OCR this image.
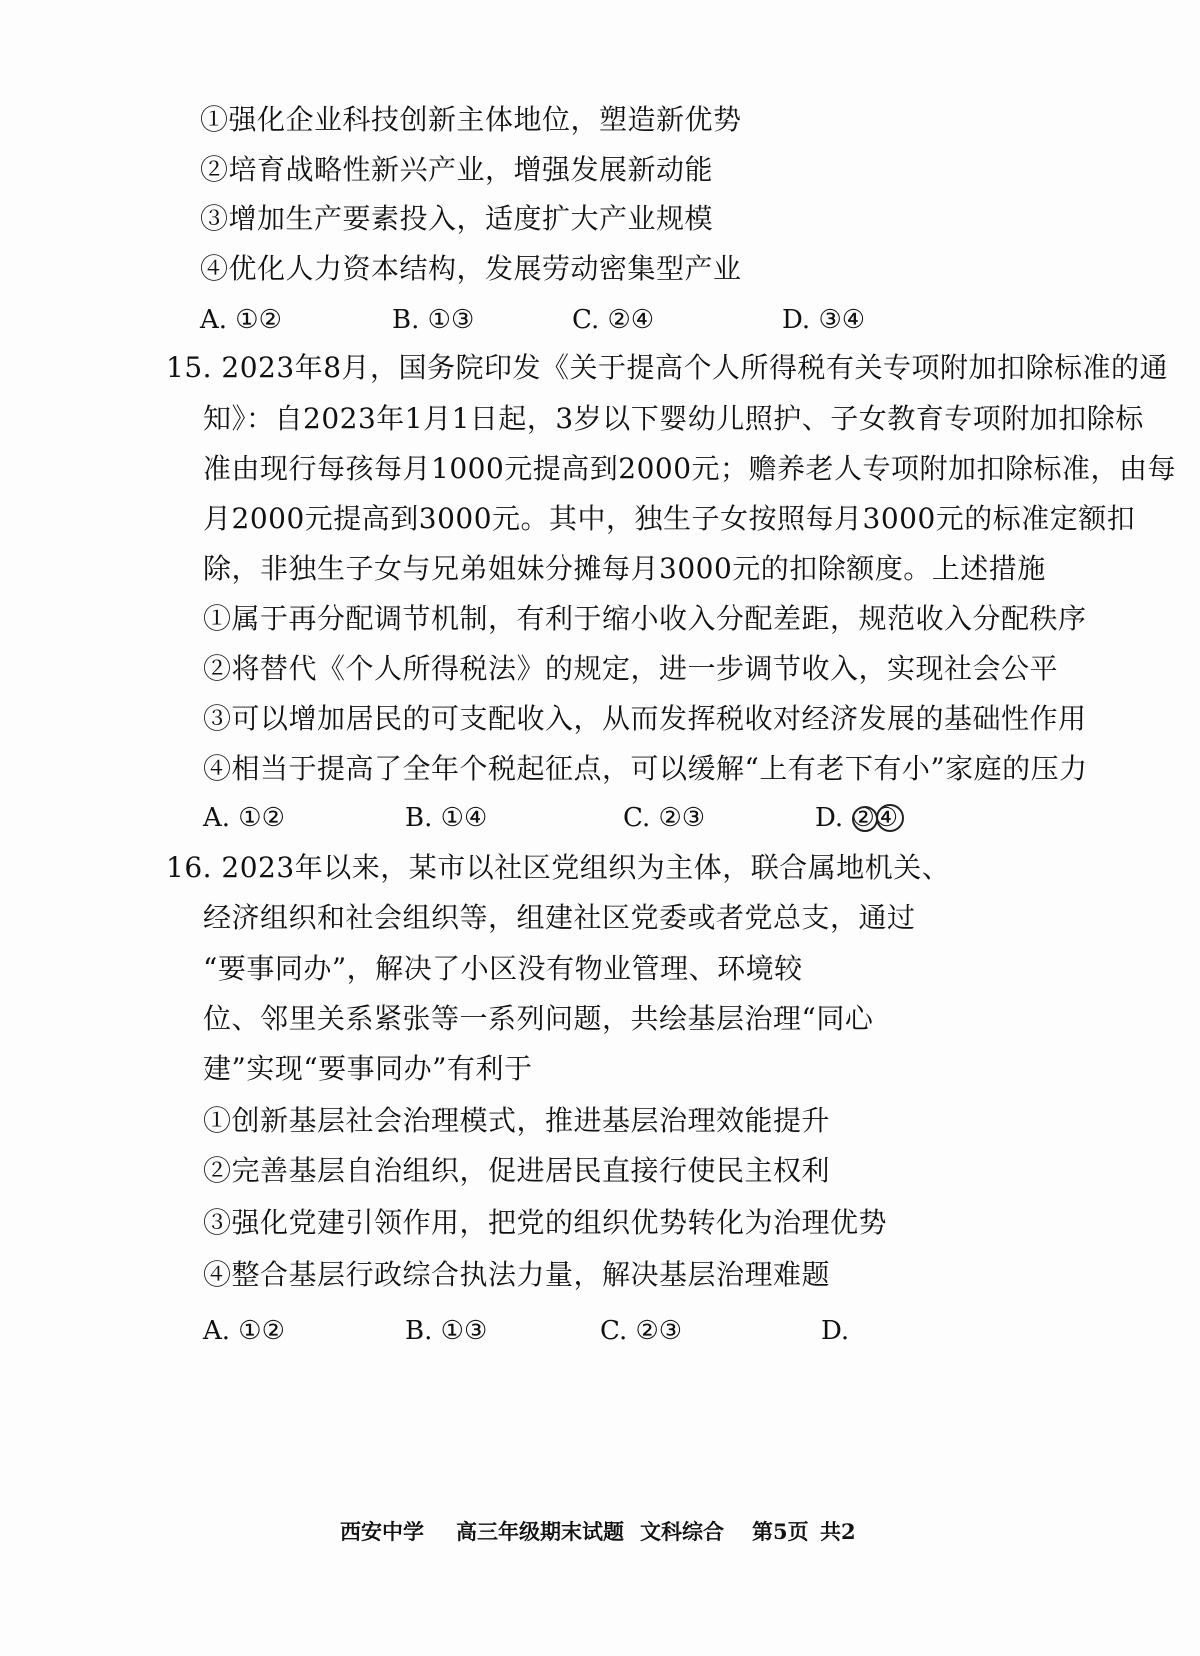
①强化企业科技创新主体地位，塑造新优势
②培育战略性新兴产业，增强发展新动能
③增加生产要素投入，适度扩大产业规模
④优化人力资本结构，发展劳动密集型产业
A. ①②	B. ①③	C. ②④	D. ③④
15. 2023年8月，国务院印发《关于提高个人所得税有关专项附加扣除标准的通
知》：自2023年1月1日起，3岁以下婴幼儿照护、子女教育专项附加扣除标
准由现行每孩每月1000元提高到2000元；赡养老人专项附加扣除标准，由每
月2000元提高到3000元。其中，独生子女按照每月3000元的标准定额扣
除，非独生子女与兄弟姐妹分摊每月3000元的扣除额度。上述措施
①属于再分配调节机制，有利于缩小收入分配差距，规范收入分配秩序
②将替代《个人所得税法》的规定，进一步调节收入，实现社会公平
③可以增加居民的可支配收入，从而发挥税收对经济发展的基础性作用
④相当于提高了全年个税起征点，可以缓解“上有老下有小”家庭的压力
A. ①②	B. ①④	C. ②③	D. ②④
16. 2023年以来，某市以社区党组织为主体，联合属地机关、
经济组织和社会组织等，组建社区党委或者党总支，通过
“要事同办”，解决了小区没有物业管理、环境较
位、邻里关系紧张等一系列问题，共绘基层治理“同心
建”实现“要事同办”有利于
①创新基层社会治理模式，推进基层治理效能提升
②完善基层自治组织，促进居民直接行使民主权利
③强化党建引领作用，把党的组织优势转化为治理优势
④整合基层行政综合执法力量，解决基层治理难题
A. ①②	B. ①③	C. ②③	D.
西安中学 高三年级期末试题 文科综合 第5页 共2
